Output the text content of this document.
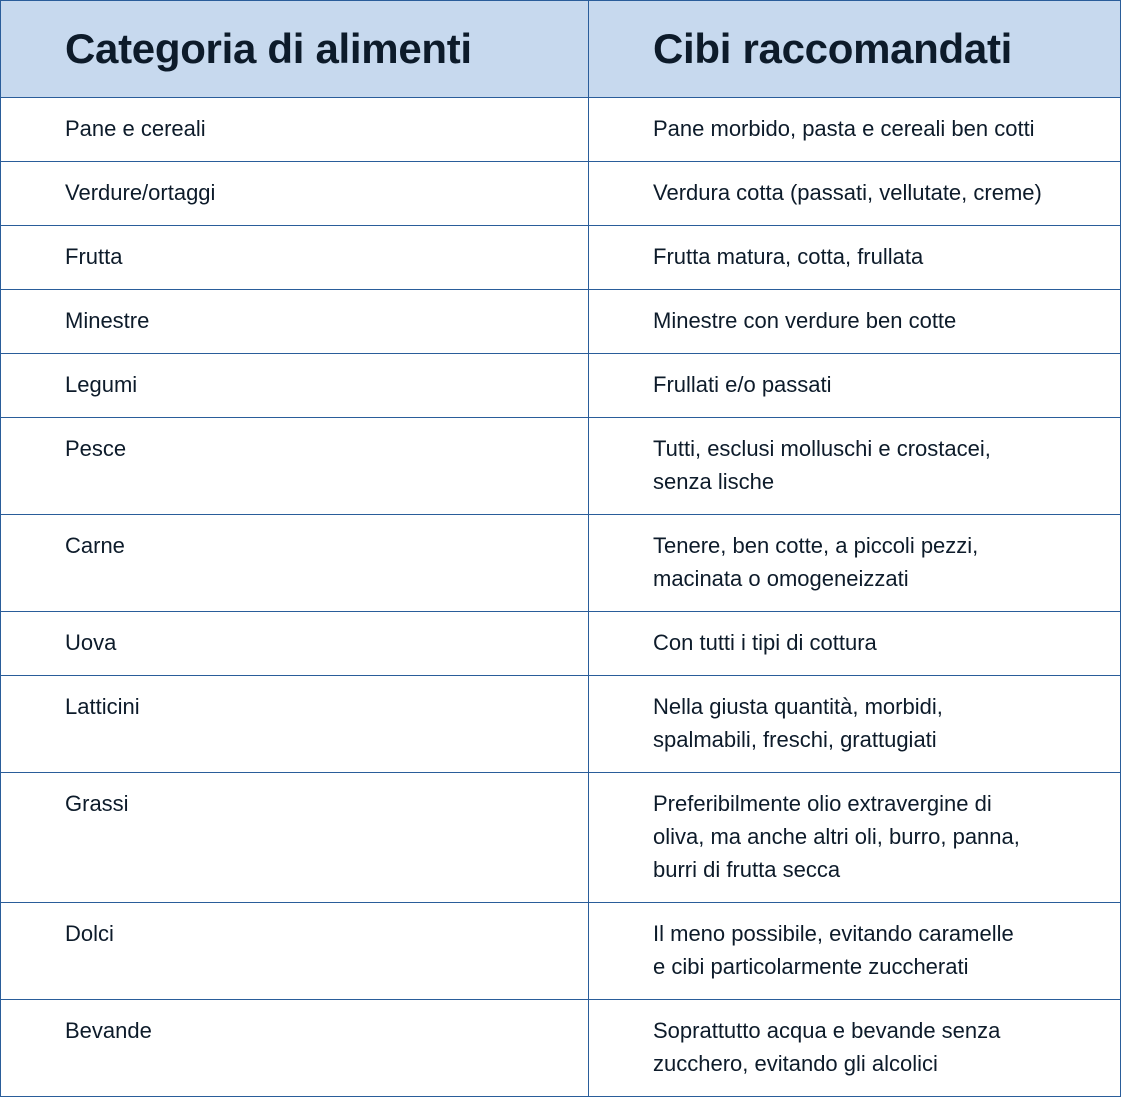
Categoria di alimenti	Cibi raccomandati
Pane e cereali	Pane morbido, pasta e cereali ben cotti
Verdure/ortaggi	Verdura cotta (passati, vellutate, creme)
Frutta	Frutta matura, cotta, frullata
Minestre	Minestre con verdure ben cotte
Legumi	Frullati e/o passati
Pesce	Tutti, esclusi molluschi e crostacei,
senza lische
Carne	Tenere, ben cotte, a piccoli pezzi,
macinata o omogeneizzati
Uova	Con tutti i tipi di cottura
Latticini	Nella giusta quantità, morbidi,
spalmabili, freschi, grattugiati
Grassi	Preferibilmente olio extravergine di
oliva, ma anche altri oli, burro, panna,
burri di frutta secca
Dolci	Il meno possibile, evitando caramelle
e cibi particolarmente zuccherati
Bevande	Soprattutto acqua e bevande senza
zucchero, evitando gli alcolici
